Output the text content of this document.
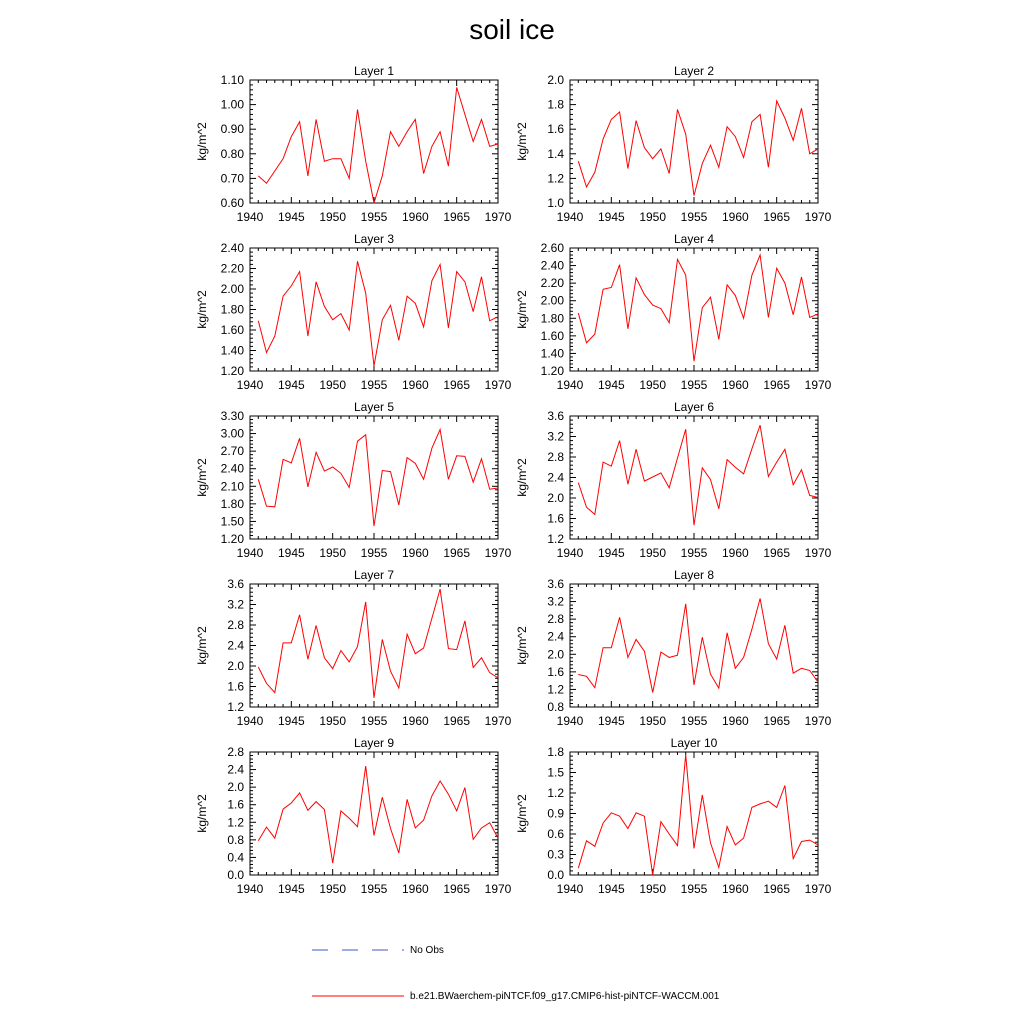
soil ice
Layer 1
0.60
0.70
0.80
0.90
1.00
1.10
1940 1945 1950 1955 1960 1965 1970
kg/m^2
Layer 2
1.0
1.2
1.4
1.6
1.8
2.0
1940 1945 1950 1955 1960 1965 1970
kg/m^2
Layer 3
1.20
1.40
1.60
1.80
2.00
2.20
2.40
1940 1945 1950 1955 1960 1965 1970
kg/m^2
Layer 4
1.20
1.40
1.60
1.80
2.00
2.20
2.40
2.60
1940 1945 1950 1955 1960 1965 1970
kg/m^2
Layer 5
1.20
1.50
1.80
2.10
2.40
2.70
3.00
3.30
1940 1945 1950 1955 1960 1965 1970
kg/m^2
Layer 6
1.2
1.6
2.0
2.4
2.8
3.2
3.6
1940 1945 1950 1955 1960 1965 1970
kg/m^2
Layer 7
1.2
1.6
2.0
2.4
2.8
3.2
3.6
1940 1945 1950 1955 1960 1965 1970
kg/m^2
Layer 8
0.8
1.2
1.6
2.0
2.4
2.8
3.2
3.6
1940 1945 1950 1955 1960 1965 1970
kg/m^2
Layer 9
0.0
0.4
0.8
1.2
1.6
2.0
2.4
2.8
1940 1945 1950 1955 1960 1965 1970
kg/m^2
Layer 10
0.0
0.3
0.6
0.9
1.2
1.5
1.8
1940 1945 1950 1955 1960 1965 1970
kg/m^2
No Obs
b.e21.BWaerchem-piNTCF.f09_g17.CMIP6-hist-piNTCF-WACCM.001
